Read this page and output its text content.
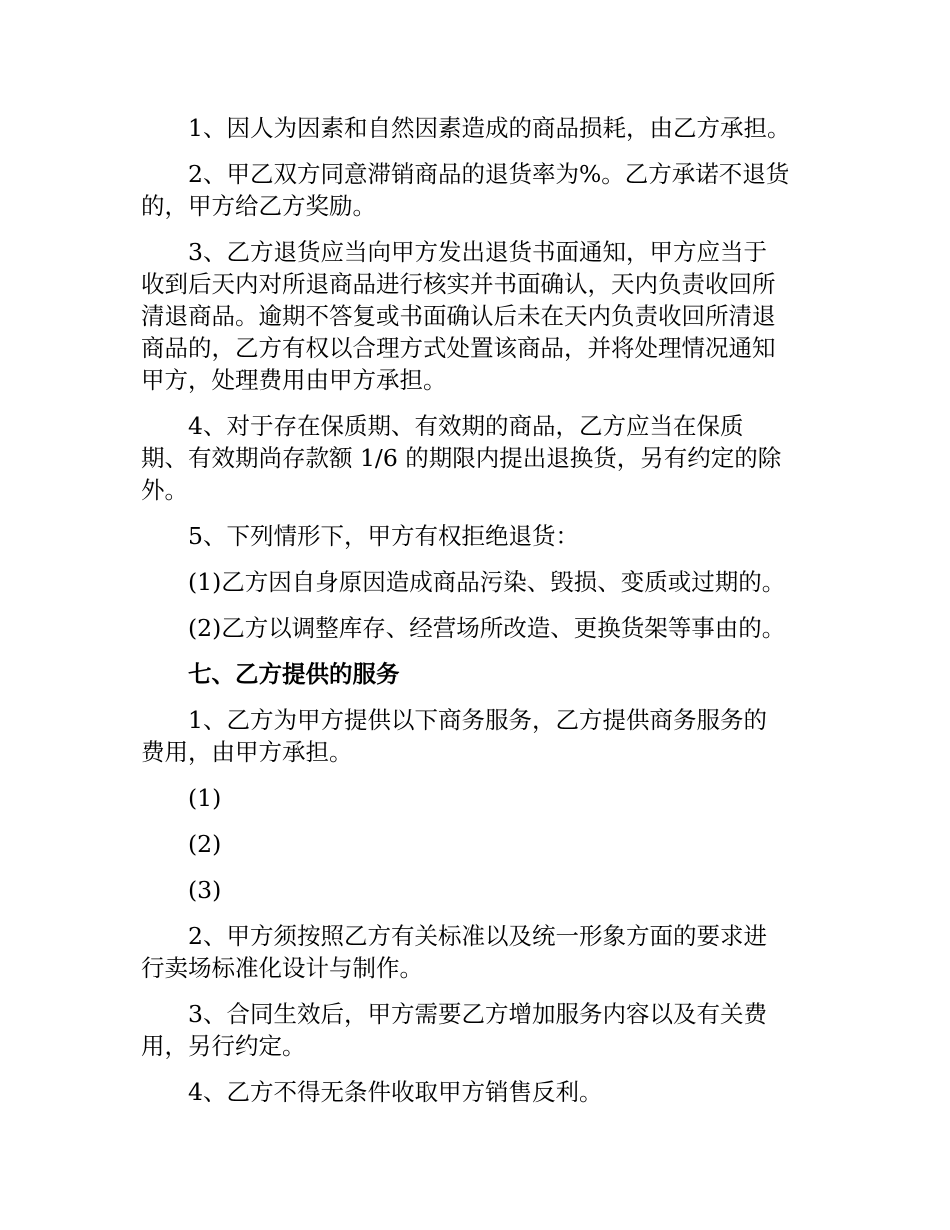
1、因人为因素和自然因素造成的商品损耗，由乙方承担。
2、甲乙双方同意滞销商品的退货率为%。乙方承诺不退货
的，甲方给乙方奖励。
3、乙方退货应当向甲方发出退货书面通知，甲方应当于
收到后天内对所退商品进行核实并书面确认，天内负责收回所
清退商品。逾期不答复或书面确认后未在天内负责收回所清退
商品的，乙方有权以合理方式处置该商品，并将处理情况通知
甲方，处理费用由甲方承担。
4、对于存在保质期、有效期的商品，乙方应当在保质
期、有效期尚存款额 1/6 的期限内提出退换货，另有约定的除
外。
5、下列情形下，甲方有权拒绝退货：
(1)乙方因自身原因造成商品污染、毁损、变质或过期的。
(2)乙方以调整库存、经营场所改造、更换货架等事由的。
七、乙方提供的服务
1、乙方为甲方提供以下商务服务，乙方提供商务服务的
费用，由甲方承担。
(1)
(2)
(3)
2、甲方须按照乙方有关标准以及统一形象方面的要求进
行卖场标准化设计与制作。
3、合同生效后，甲方需要乙方增加服务内容以及有关费
用，另行约定。
4、乙方不得无条件收取甲方销售反利。
